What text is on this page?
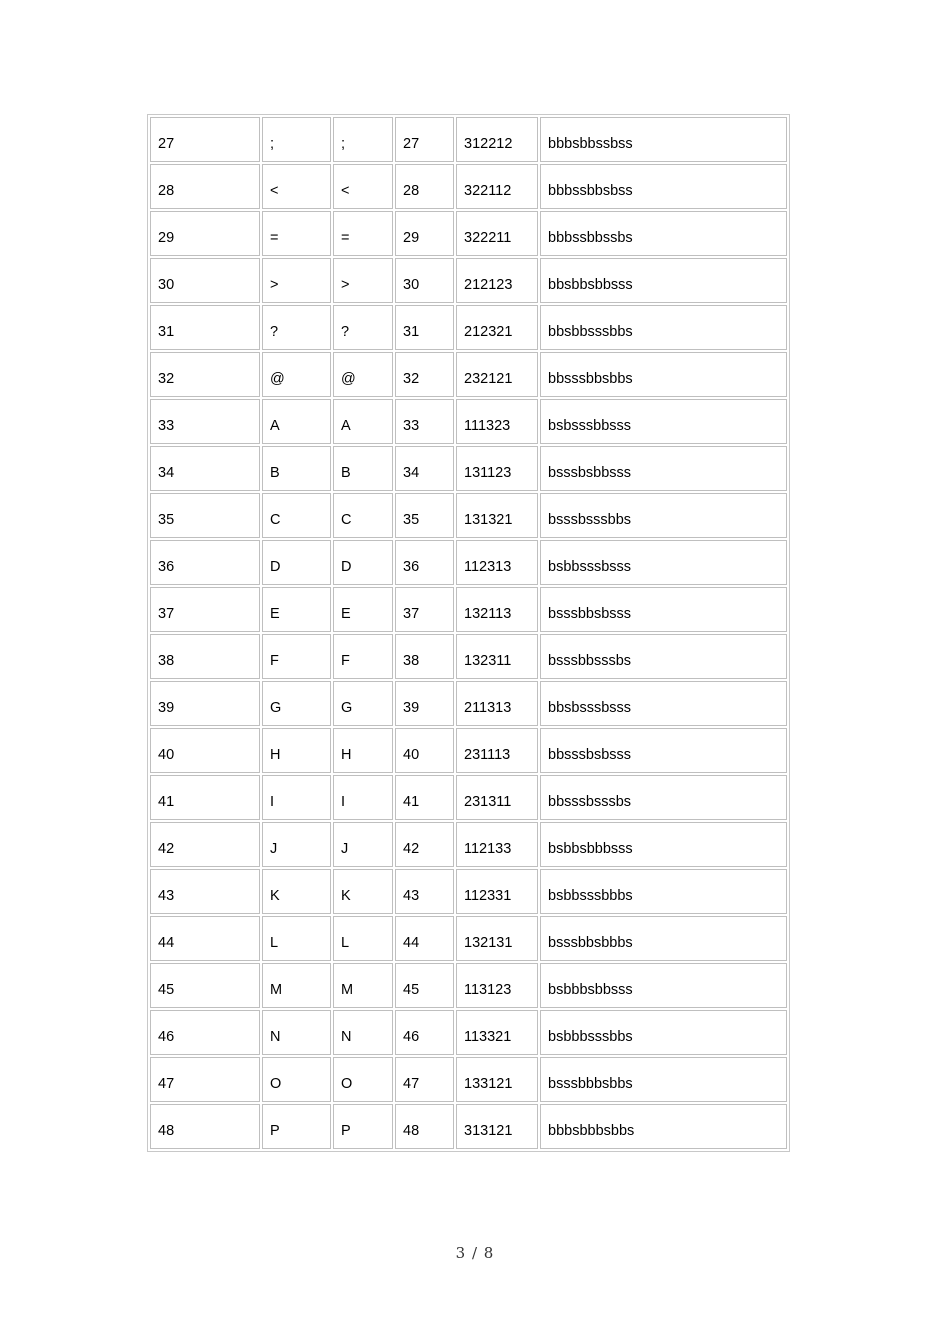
27	;	;	27	312212	bbbsbbssbss
28	<	<	28	322112	bbbssbbsbss
29	=	=	29	322211	bbbssbbssbs
30	>	>	30	212123	bbsbbsbbsss
31	?	?	31	212321	bbsbbsssbbs
32	@	@	32	232121	bbsssbbsbbs
33	A	A	33	111323	bsbsssbbsss
34	B	B	34	131123	bsssbsbbsss
35	C	C	35	131321	bsssbsssbbs
36	D	D	36	112313	bsbbsssbsss
37	E	E	37	132113	bsssbbsbsss
38	F	F	38	132311	bsssbbsssbs
39	G	G	39	211313	bbsbsssbsss
40	H	H	40	231113	bbsssbsbsss
41	I	I	41	231311	bbsssbsssbs
42	J	J	42	112133	bsbbsbbbsss
43	K	K	43	112331	bsbbsssbbbs
44	L	L	44	132131	bsssbbsbbbs
45	M	M	45	113123	bsbbbsbbsss
46	N	N	46	113321	bsbbbsssbbs
47	O	O	47	133121	bsssbbbsbbs
48	P	P	48	313121	bbbsbbbsbbs
3 / 8
